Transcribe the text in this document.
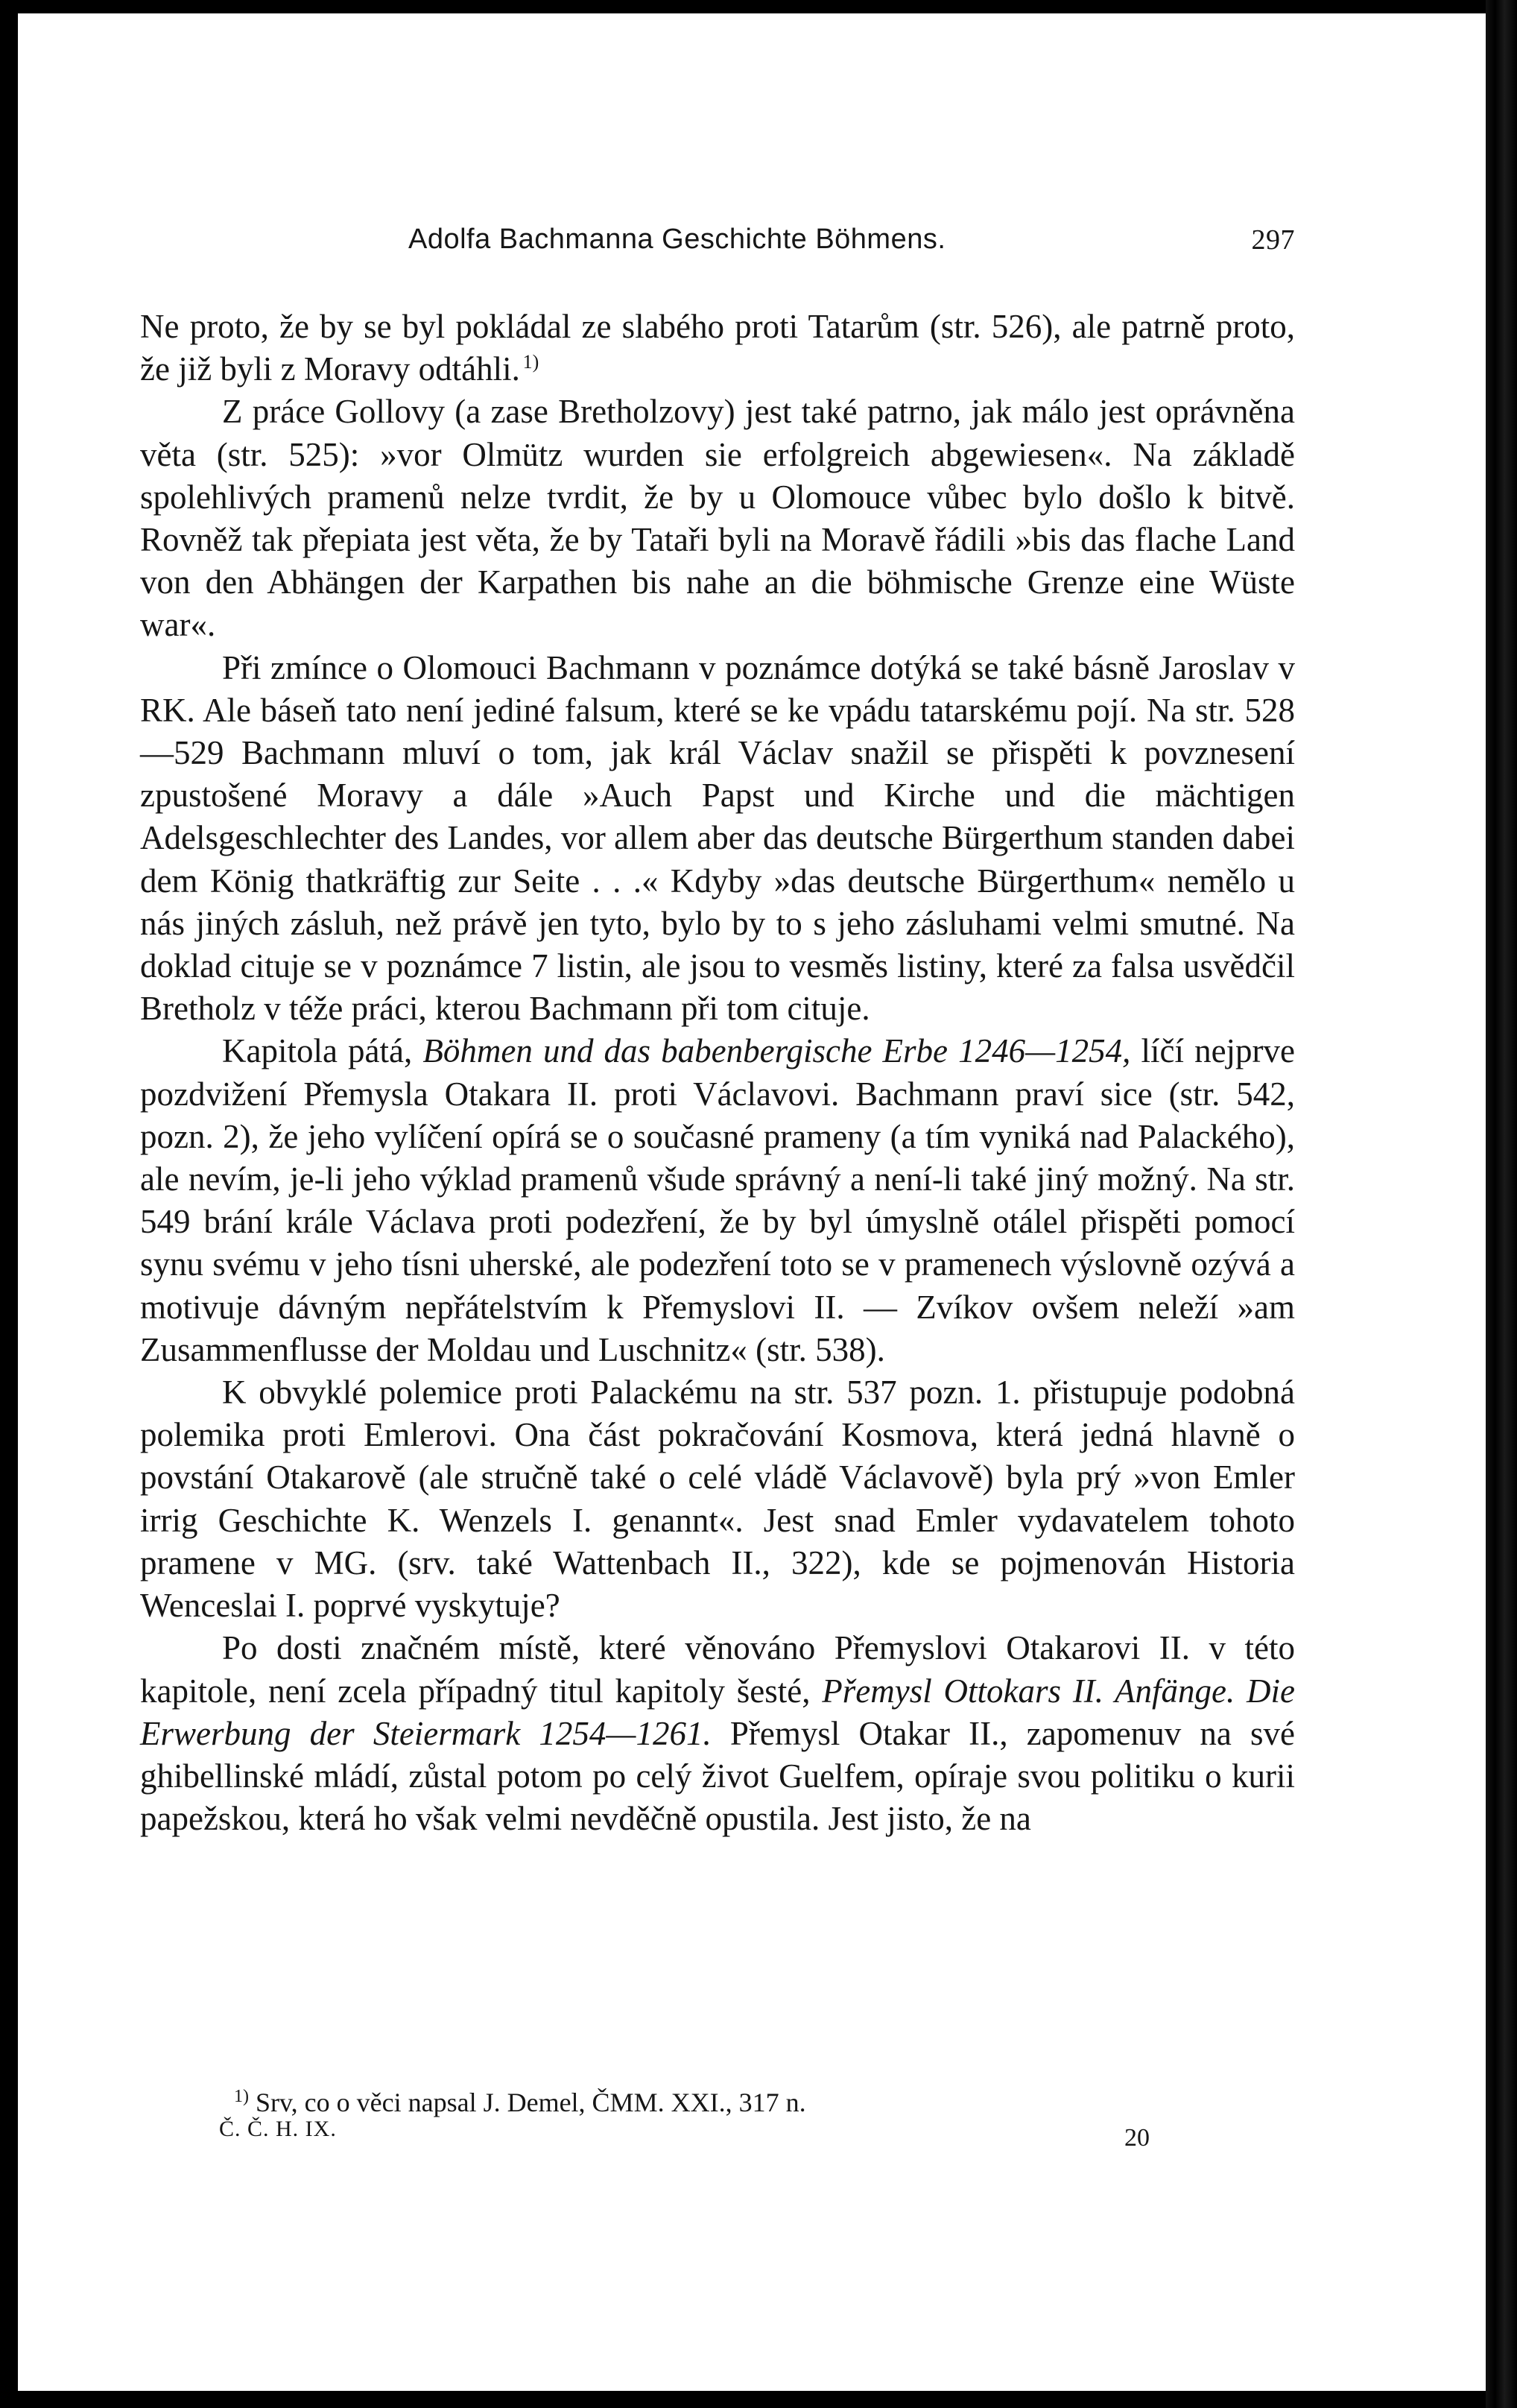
Adolfa Bachmanna Geschichte Böhmens.	297

Ne proto, že by se byl pokládal ze slabého proti Tatarům (str. 526), ale patrně proto, že již byli z Moravy odtáhli.  $^{1)}$

Z práce Gollovy (a zase Bretholzovy) jest také patrno, jak málo jest oprávněna věta (str. 525): »vor Olmütz wurden sie erfolgreich abgewiesen«. Na základě spolehlivých pramenů nelze tvrdit, že by u Olomouce vůbec bylo došlo k bitvě. Rovněž tak přepiata jest věta, že by Tataři byli na Moravě řádili »bis das flache Land von den Abhängen der Karpathen bis nahe an die böhmische Grenze eine Wüste war«.

Při zmínce o Olomouci Bachmann v poznámce dotýká se také básně Jaroslav v RK. Ale báseň tato není jediné falsum, které se ke vpádu tatarskému pojí. Na str. 528—529 Bachmann mluví o tom, jak král Václav snažil se přispěti k povznesení zpustošené Moravy a dále »Auch Papst und Kirche und die mächtigen Adelsgeschlechter des Landes, vor allem aber das deutsche Bürgerthum standen dabei dem König thatkräftig zur Seite . . .« Kdyby »das deutsche Bürgerthum« nemělo u nás jiných zásluh, než právě jen tyto, bylo by to s jeho zásluhami velmi smutné. Na doklad cituje se v poznámce 7 listin, ale jsou to vesměs listiny, které za falsa usvědčil Bretholz v téže práci, kterou Bachmann při tom cituje.

Kapitola pátá, Böhmen und das babenbergische Erbe 1246—1254, líčí nejprve pozdvižení Přemysla Otakara II. proti Václavovi. Bachmann praví sice (str. 542, pozn. 2), že jeho vylíčení opírá se o současné prameny (a tím vyniká nad Palackého), ale nevím, je-li jeho výklad pramenů všude správný a není-li také jiný možný. Na str. 549 brání krále Václava proti podezření, že by byl úmyslně otálel přispěti pomocí synu svému v jeho tísni uherské, ale podezření toto se v pramenech výslovně ozývá a motivuje dávným nepřátelstvím k Přemyslovi II. — Zvíkov ovšem neleží »am Zusammenflusse der Moldau und Luschnitz« (str. 538).

K obvyklé polemice proti Palackému na str. 537 pozn. 1. přistupuje podobná polemika proti Emlerovi. Ona část pokračování Kosmova, která jedná hlavně o povstání Otakarově (ale stručně také o celé vládě Václavově) byla prý »von Emler irrig Geschichte K. Wenzels I. genannt«. Jest snad Emler vydavatelem tohoto pramene v MG. (srv. také Wattenbach II., 322), kde se pojmenován Historia Wenceslai I. poprvé vyskytuje?

Po dosti značném místě, které věnováno Přemyslovi Otakarovi II. v této kapitole, není zcela případný titul kapitoly šesté, Přemysl Ottokars II. Anfänge. Die Erwerbung der Steiermark 1254—1261. Přemysl Otakar II., zapomenuv na své ghibellinské mládí, zůstal potom po celý život Guelfem, opíraje svou politiku o kurii papežskou, která ho však velmi nevděčně opustila. Jest jisto, že na

$^{1)}$ Srv, co o věci napsal J. Demel, ČMM. XXI., 317 n.
Č. Č. H. IX.	20
